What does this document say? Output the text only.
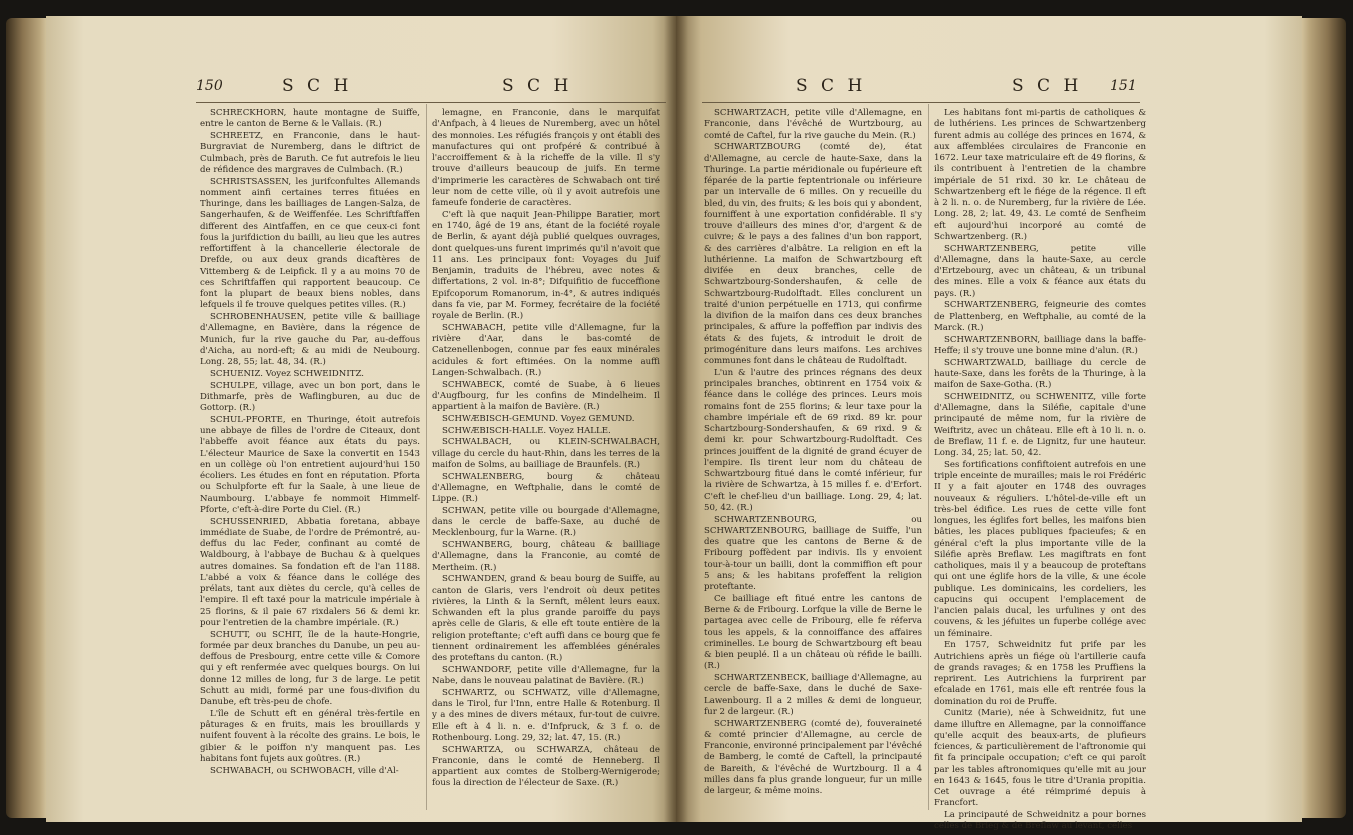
150	S C H	S C H

SCHRECKHORN, haute montagne de Suiffe, entre le canton de Berne & le Vallais. (R.)

SCHREETZ, en Franconie, dans le haut-Burgraviat de Nuremberg, dans le diftrict de Culmbach, près de Baruth. Ce fut autrefois le lieu de réfidence des margraves de Culmbach. (R.)

SCHRISTSASSEN, les jurifconfultes Allemands nomment ainfi certaines terres fituées en Thuringe, dans les bailliages de Langen-Salza, de Sangerhaufen, & de Weiffenfée. Les Schriftfaffen different des Aintfaffen, en ce que ceux-ci font fous la jurifdiction du bailli, au lieu que les autres reffortiffent à la chancellerie électorale de Drefde, ou aux deux grands dicaftères de Vittemberg & de Leipfick. Il y a au moins 70 de ces Schriftfaffen qui rapportent beaucoup. Ce font la plupart de beaux biens nobles, dans lefquels il fe trouve quelques petites villes. (R.)

SCHROBENHAUSEN, petite ville & bailliage d'Allemagne, en Bavière, dans la régence de Munich, fur la rive gauche du Par, au-deffous d'Aicha, au nord-eft; & au midi de Neubourg. Long. 28, 55; lat. 48, 34. (R.)

SCHUENIZ. Voyez SCHWEIDNITZ.

SCHULPE, village, avec un bon port, dans le Dithmarfe, près de Waflingburen, au duc de Gottorp. (R.)

SCHUL-PFORTE, en Thuringe, étoit autrefois une abbaye de filles de l'ordre de Citeaux, dont l'abbeffe avoit féance aux états du pays. L'électeur Maurice de Saxe la convertit en 1543 en un collège où l'on entretient aujourd'hui 150 écoliers. Les études en font en réputation. Pforta ou Schulpforte eft fur la Saale, à une lieue de Naumbourg. L'abbaye fe nommoit Himmelf-Pforte, c'eft-à-dire Porte du Ciel. (R.)

SCHUSSENRIED, Abbatia foretana, abbaye immédiate de Suabe, de l'ordre de Prémontré, au-deffus du lac Feder, confinant au comté de Waldbourg, à l'abbaye de Buchau & à quelques autres domaines. Sa fondation eft de l'an 1188. L'abbé a voix & féance dans le collége des prélats, tant aux diètes du cercle, qu'à celles de l'empire. Il eft taxé pour la matricule impériale à 25 florins, & il paie 67 rixdalers 56 & demi kr. pour l'entretien de la chambre impériale. (R.)

SCHUTT, ou SCHIT, île de la haute-Hongrie, formée par deux branches du Danube, un peu au-deffous de Presbourg, entre cette ville & Comore qui y eft renfermée avec quelques bourgs. On lui donne 12 milles de long, fur 3 de large. Le petit Schutt au midi, formé par une fous-divifion du Danube, eft très-peu de chofe.

L'île de Schutt eft en général très-fertile en pâturages & en fruits, mais les brouillards y nuifent fouvent à la récolte des grains. Le bois, le gibier & le poiffon n'y manquent pas. Les habitans font fujets aux goûtres. (R.)

SCHWABACH, ou SCHWOBACH, ville d'Al-

lemagne, en Franconie, dans le marquifat d'Anfpach, à 4 lieues de Nuremberg, avec un hôtel des monnoies. Les réfugiés françois y ont établi des manufactures qui ont profpéré & contribué à l'accroiffement & à la richeffe de la ville. Il s'y trouve d'ailleurs beaucoup de juifs. En terme d'imprimerie les caractères de Schwabach ont tiré leur nom de cette ville, où il y avoit autrefois une fameufe fonderie de caractères.

C'eft là que naquit Jean-Philippe Baratier, mort en 1740, âgé de 19 ans, étant de la fociété royale de Berlin, & ayant déjà publié quelques ouvrages, dont quelques-uns furent imprimés qu'il n'avoit que 11 ans. Les principaux font: Voyages du Juif Benjamin, traduits de l'hébreu, avec notes & differtations, 2 vol. in-8°; Difquifitio de fucceffione Epifcoporum Romanorum, in-4°, & autres indiqués dans fa vie, par M. Formey, fecrétaire de la fociété royale de Berlin. (R.)

SCHWABACH, petite ville d'Allemagne, fur la rivière d'Aar, dans le bas-comté de Catzenellenbogen, connue par fes eaux minérales acidules & fort eftimées. On la nomme auffi Langen-Schwalbach. (R.)

SCHWABECK, comté de Suabe, à 6 lieues d'Augfbourg, fur les confins de Mindelheim. Il appartient à la maifon de Bavière. (R.)

SCHWÆBISCH-GEMUND. Voyez GEMUND.

SCHWÆBISCH-HALLE. Voyez HALLE.

SCHWALBACH, ou KLEIN-SCHWALBACH, village du cercle du haut-Rhin, dans les terres de la maifon de Solms, au bailliage de Braunfels. (R.)

SCHWALENBERG, bourg & château d'Allemagne, en Weftphalie, dans le comté de Lippe. (R.)

SCHWAN, petite ville ou bourgade d'Allemagne, dans le cercle de baffe-Saxe, au duché de Mecklenbourg, fur la Warne. (R.)

SCHWANBERG, bourg, château & bailliage d'Allemagne, dans la Franconie, au comté de Mertheim. (R.)

SCHWANDEN, grand & beau bourg de Suiffe, au canton de Glaris, vers l'endroit où deux petites rivières, la Linth & la Sernft, mêlent leurs eaux. Schwanden eft la plus grande paroiffe du pays après celle de Glaris, & elle eft toute entière de la religion proteftante; c'eft auffi dans ce bourg que fe tiennent ordinairement les affemblées générales des proteftans du canton. (R.)

SCHWANDORF, petite ville d'Allemagne, fur la Nabe, dans le nouveau palatinat de Bavière. (R.)

SCHWARTZ, ou SCHWATZ, ville d'Allemagne, dans le Tirol, fur l'Inn, entre Halle & Rotenburg. Il y a des mines de divers métaux, fur-tout de cuivre. Elle eft à 4 li. n. e. d'Infpruck, & 3 f. o. de Rothenbourg. Long. 29, 32; lat. 47, 15. (R.)

SCHWARTZA, ou SCHWARZA, château de Franconie, dans le comté de Henneberg. Il appartient aux comtes de Stolberg-Wernigerode; fous la direction de l'électeur de Saxe. (R.)

S C H	S C H 151

SCHWARTZACH, petite ville d'Allemagne, en Franconie, dans l'évêché de Wurtzbourg, au comté de Caftel, fur la rive gauche du Mein. (R.)

SCHWARTZBOURG (comté de), état d'Allemagne, au cercle de haute-Saxe, dans la Thuringe. La partie méridionale ou fupérieure eft féparée de la partie feptentrionale ou inférieure par un intervalle de 6 milles. On y recueille du bled, du vin, des fruits; & les bois qui y abondent, fourniffent à une exportation confidérable. Il s'y trouve d'ailleurs des mines d'or, d'argent & de cuivre; & le pays a des falines d'un bon rapport, & des carrières d'albâtre. La religion en eft la luthérienne. La maifon de Schwartzbourg eft divifée en deux branches, celle de Schwartzbourg-Sondershaufen, & celle de Schwartzbourg-Rudolftadt. Elles conclurent un traité d'union perpétuelle en 1713, qui confirme la divifion de la maifon dans ces deux branches principales, & affure la poffeffion par indivis des états & des fujets, & introduit le droit de primogéniture dans leurs maifons. Les archives communes font dans le château de Rudolftadt.

L'un & l'autre des princes régnans des deux principales branches, obtinrent en 1754 voix & féance dans le collége des princes. Leurs mois romains font de 255 florins; & leur taxe pour la chambre impériale eft de 69 rixd. 89 kr. pour Schartzbourg-Sondershaufen, & 69 rixd. 9 & demi kr. pour Schwartzbourg-Rudolftadt. Ces princes jouiffent de la dignité de grand écuyer de l'empire. Ils tirent leur nom du château de Schwartzbourg fitué dans le comté inférieur, fur la rivière de Schwartza, à 15 milles f. e. d'Erfort. C'eft le chef-lieu d'un bailliage. Long. 29, 4; lat. 50, 42. (R.)

SCHWARTZENBOURG, ou SCHWARTZENBOURG, bailliage de Suiffe, l'un des quatre que les cantons de Berne & de Fribourg poffèdent par indivis. Ils y envoient tour-à-tour un bailli, dont la commiffion eft pour 5 ans; & les habitans profeffent la religion proteftante.

Ce bailliage eft fitué entre les cantons de Berne & de Fribourg. Lorfque la ville de Berne le partagea avec celle de Fribourg, elle fe réferva tous les appels, & la connoiffance des affaires criminelles. Le bourg de Schwartzbourg eft beau & bien peuplé. Il a un château où réfide le bailli. (R.)

SCHWARTZENBECK, bailliage d'Allemagne, au cercle de baffe-Saxe, dans le duché de Saxe-Lawenbourg. Il a 2 milles & demi de longueur, fur 2 de largeur. (R.)

SCHWARTZENBERG (comté de), fouveraineté & comté princier d'Allemagne, au cercle de Franconie, environné principalement par l'évêché de Bamberg, le comté de Caftell, la principauté de Bareith, & l'évêché de Wurtzbourg. Il a 4 milles dans fa plus grande longueur, fur un mille de largeur, & même moins.

Les habitans font mi-partis de catholiques & de luthériens. Les princes de Schwartzenberg furent admis au collége des princes en 1674, & aux affemblées circulaires de Franconie en 1672. Leur taxe matriculaire eft de 49 florins, & ils contribuent à l'entretien de la chambre impériale de 51 rixd. 30 kr. Le château de Schwartzenberg eft le fiége de la régence. Il eft à 2 li. n. o. de Nuremberg, fur la rivière de Lée. Long. 28, 2; lat. 49, 43. Le comté de Senfheim eft aujourd'hui incorporé au comté de Schwartzenberg. (R.)

SCHWARTZENBERG, petite ville d'Allemagne, dans la haute-Saxe, au cercle d'Ertzebourg, avec un château, & un tribunal des mines. Elle a voix & féance aux états du pays. (R.)

SCHWARTZENBERG, feigneurie des comtes de Plattenberg, en Weftphalie, au comté de la Marck. (R.)

SCHWARTZENBORN, bailliage dans la baffe-Heffe; il s'y trouve une bonne mine d'alun. (R.)

SCHWARTZWALD, bailliage du cercle de haute-Saxe, dans les forêts de la Thuringe, à la maifon de Saxe-Gotha. (R.)

SCHWEIDNITZ, ou SCHWENITZ, ville forte d'Allemagne, dans la Siléfie, capitale d'une principauté de même nom, fur la rivière de Weiftritz, avec un château. Elle eft à 10 li. n. o. de Breflaw, 11 f. e. de Lignitz, fur une hauteur. Long. 34, 25; lat. 50, 42.

Ses fortifications confiftoient autrefois en une triple enceinte de murailles; mais le roi Frédéric II y a fait ajouter en 1748 des ouvrages nouveaux & réguliers. L'hôtel-de-ville eft un très-bel édifice. Les rues de cette ville font longues, les églifes fort belles, les maifons bien bâties, les places publiques fpacieufes; & en général c'eft la plus importante ville de la Siléfie après Breflaw. Les magiftrats en font catholiques, mais il y a beaucoup de proteftans qui ont une églife hors de la ville, & une école publique. Les dominicains, les cordeliers, les capucins qui occupent l'emplacement de l'ancien palais ducal, les urfulines y ont des couvens, & les jéfuites un fuperbe collége avec un féminaire.

En 1757, Schweidnitz fut prife par les Autrichiens après un fiége où l'artillerie caufa de grands ravages; & en 1758 les Pruffiens la reprirent. Les Autrichiens la furprirent par efcalade en 1761, mais elle eft rentrée fous la domination du roi de Pruffe.

Cunitz (Marie), née à Schweidnitz, fut une dame illuftre en Allemagne, par la connoiffance qu'elle acquit des beaux-arts, de plufieurs fciences, & particulièrement de l'aftronomie qui fit fa principale occupation; c'eft ce qui paroît par les tables aftronomiques qu'elle mit au jour en 1643 & 1645, fous le titre d'Urania propitia. Cet ouvrage a été réimprimé depuis à Francfort.

La principauté de Schweidnitz a pour bornes celles de Brieg & de Breflaw au levant, celles
